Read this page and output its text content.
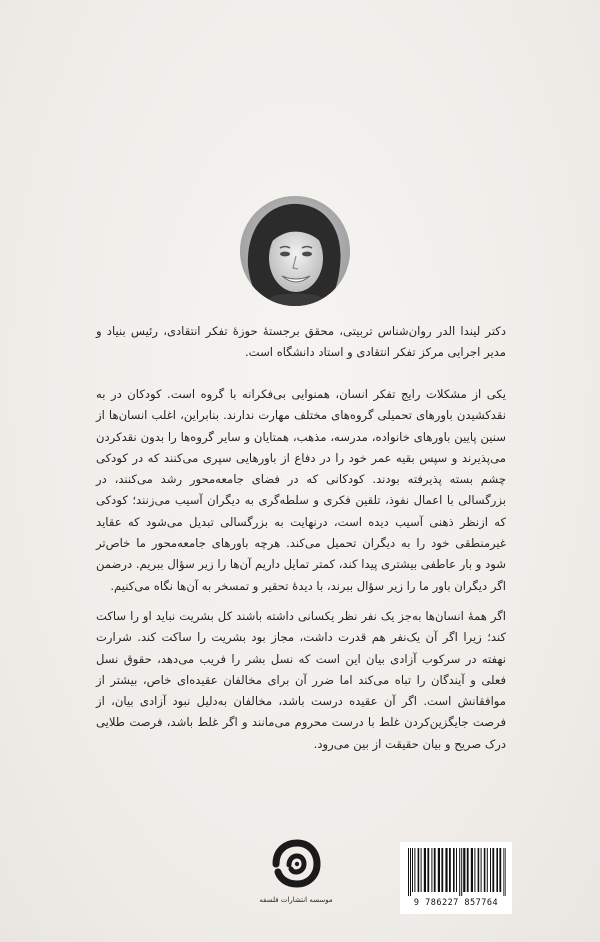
دکتر لیندا الدر روان‌شناس تربیتی، محقق برجستهٔ حوزهٔ تفکر انتقادی، رئیس بنیاد و مدیر اجرایی مرکز تفکر انتقادی و استاد دانشگاه است.

یکی از مشکلات رایج تفکر انسان، همنوایی بی‌فکرانه با گروه است. کودکان در به نقدکشیدن باورهای تحمیلی گروه‌های مختلف مهارت ندارند. بنابراین، اغلب انسان‌ها از سنین پایین باورهای خانواده، مدرسه، مذهب، همتایان و سایر گروه‌ها را بدون نقدکردن می‌پذیرند و سپس بقیه عمر خود را در دفاع از باورهایی سپری می‌کنند که در کودکی چشم بسته پذیرفته بودند. کودکانی که در فضای جامعه‌محور رشد می‌کنند، در بزرگسالی با اعمال نفوذ، تلقین فکری و سلطه‌گری به دیگران آسیب می‌زنند؛ کودکی که ازنظر ذهنی آسیب دیده است، درنهایت به بزرگسالی تبدیل می‌شود که عقاید غیرمنطقی خود را به دیگران تحمیل می‌کند. هرچه باورهای جامعه‌محور ما خاص‌تر شود و بار عاطفی بیشتری پیدا کند، کمتر تمایل داریم آن‌ها را زیر سؤال ببریم. درضمن اگر دیگران باور ما را زیر سؤال ببرند، با دیدهٔ تحقیر و تمسخر به آن‌ها نگاه می‌کنیم.

اگر همهٔ انسان‌ها به‌جز یک نفر نظر یکسانی داشته باشند کل بشریت نباید او را ساکت کند؛ زیرا اگر آن یک‌نفر هم قدرت داشت، مجاز بود بشریت را ساکت کند. شرارت نهفته در سرکوب آزادی بیان این است که نسل بشر را فریب می‌دهد، حقوق نسل فعلی و آیندگان را تباه می‌کند اما ضرر آن برای مخالفان عقیده‌ای خاص، بیشتر از موافقانش است. اگر آن عقیده درست باشد، مخالفان به‌دلیل نبود آزادی بیان، از فرصت جایگزین‌کردن غلط با درست محروم می‌مانند و اگر غلط باشد، فرصت طلایی درک صریح و بیان حقیقت از بین می‌رود.

موسسه انتشارات فلسفه	9 786227 857764
